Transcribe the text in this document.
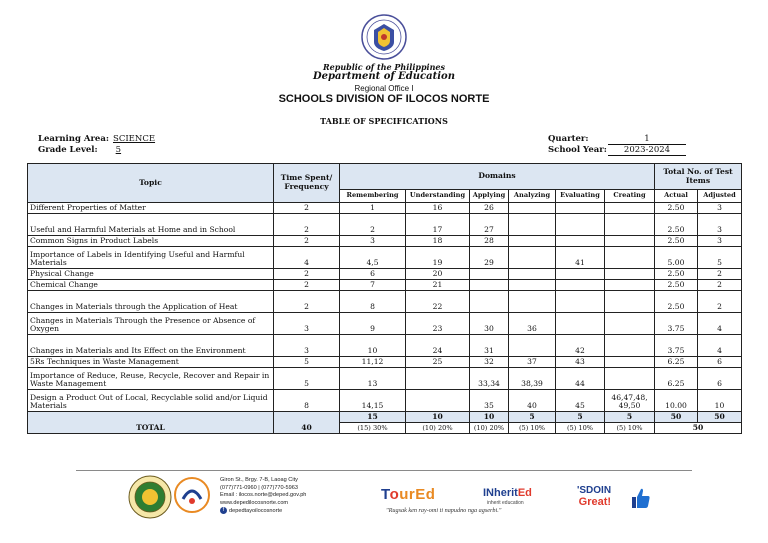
Republic of the Philippines
Department of Education
Regional Office I
SCHOOLS DIVISION OF ILOCOS NORTE
TABLE OF SPECIFICATIONS
Learning Area: SCIENCE
Grade Level: 5
Quarter:	1
School Year: 2023-2024
Topic	Time Spent/ Frequency	Domains						Total No. of Test Items	
		Remembering	Understanding	Applying	Analyzing	Evaluating	Creating	Actual	Adjusted
Different Properties of Matter	2	1	16	26				2.50	3
Useful and Harmful Materials at Home and in School	2	2	17	27				2.50	3
Common Signs in Product Labels	2	3	18	28				2.50	3
Importance of Labels in Identifying Useful and Harmful Materials	4	4,5	19	29		41		5.00	5
Physical Change	2	6	20					2.50	2
Chemical Change	2	7	21					2.50	2
Changes in Materials through the Application of Heat	2	8	22					2.50	2
Changes in Materials Through the Presence or Absence of Oxygen	3	9	23	30	36			3.75	4
Changes in Materials and Its Effect on the Environment	3	10	24	31		42		3.75	4
5Rs Techniques in Waste Management	5	11,12	25	32	37	43		6.25	6
Importance of Reduce, Reuse, Recycle, Recover and Repair in Waste Management	5	13		33,34	38,39	44		6.25	6
Design a Product Out of Local, Recyclable solid and/or Liquid Materials	8	14,15		35	40	45	46,47,48, 49,50	10.00	10
TOTAL	40	15	10	10	5	5	5	50	50
		(15) 30%	(10) 20%	(10) 20%	(5) 10%	(5) 10%	(5) 10%	50	
Giron St., Brgy. 7-B, Laoag City
(077)771-0960 | (077)770-5963
Email : ilocos.norte@deped.gov.ph
www.depedilocosnorte.com
f depedtayoilocosnorte
TourEd	INheritEd
inherit education
"Rugsak ken ray-omi ti napudno nga agserbi."
'SDOIN
Great!
